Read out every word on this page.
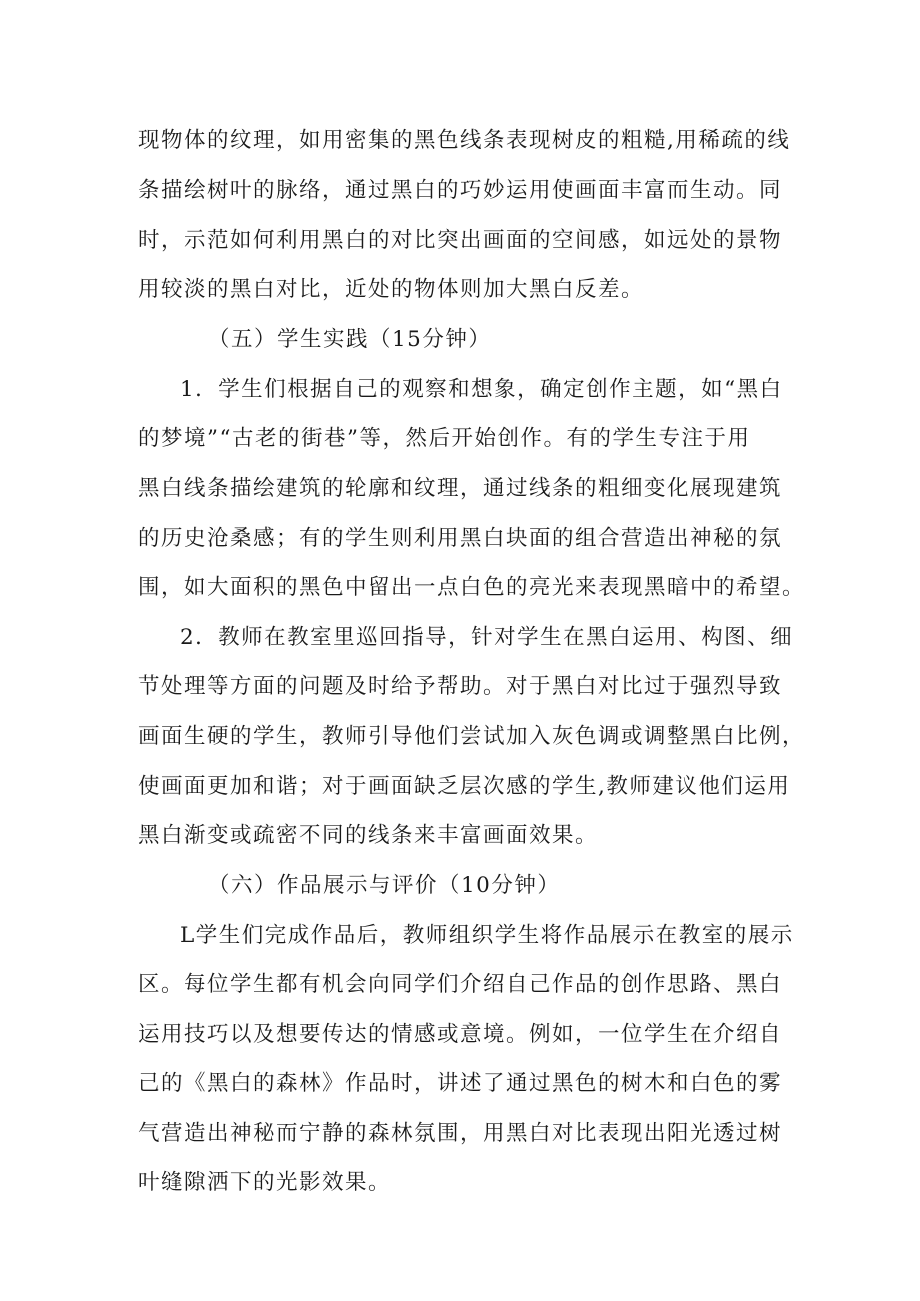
现物体的纹理，如用密集的黑色线条表现树皮的粗糙,用稀疏的线
条描绘树叶的脉络，通过黑白的巧妙运用使画面丰富而生动。同
时，示范如何利用黑白的对比突出画面的空间感，如远处的景物
用较淡的黑白对比，近处的物体则加大黑白反差。
（五）学生实践（15分钟）
1．学生们根据自己的观察和想象，确定创作主题，如“黑白
的梦境”“古老的街巷”等，然后开始创作。有的学生专注于用
黑白线条描绘建筑的轮廓和纹理，通过线条的粗细变化展现建筑
的历史沧桑感；有的学生则利用黑白块面的组合营造出神秘的氛
围，如大面积的黑色中留出一点白色的亮光来表现黑暗中的希望。
2．教师在教室里巡回指导，针对学生在黑白运用、构图、细
节处理等方面的问题及时给予帮助。对于黑白对比过于强烈导致
画面生硬的学生，教师引导他们尝试加入灰色调或调整黑白比例，
使画面更加和谐；对于画面缺乏层次感的学生,教师建议他们运用
黑白渐变或疏密不同的线条来丰富画面效果。
（六）作品展示与评价（10分钟）
L学生们完成作品后，教师组织学生将作品展示在教室的展示
区。每位学生都有机会向同学们介绍自己作品的创作思路、黑白
运用技巧以及想要传达的情感或意境。例如，一位学生在介绍自
己的《黑白的森林》作品时，讲述了通过黑色的树木和白色的雾
气营造出神秘而宁静的森林氛围，用黑白对比表现出阳光透过树
叶缝隙洒下的光影效果。
